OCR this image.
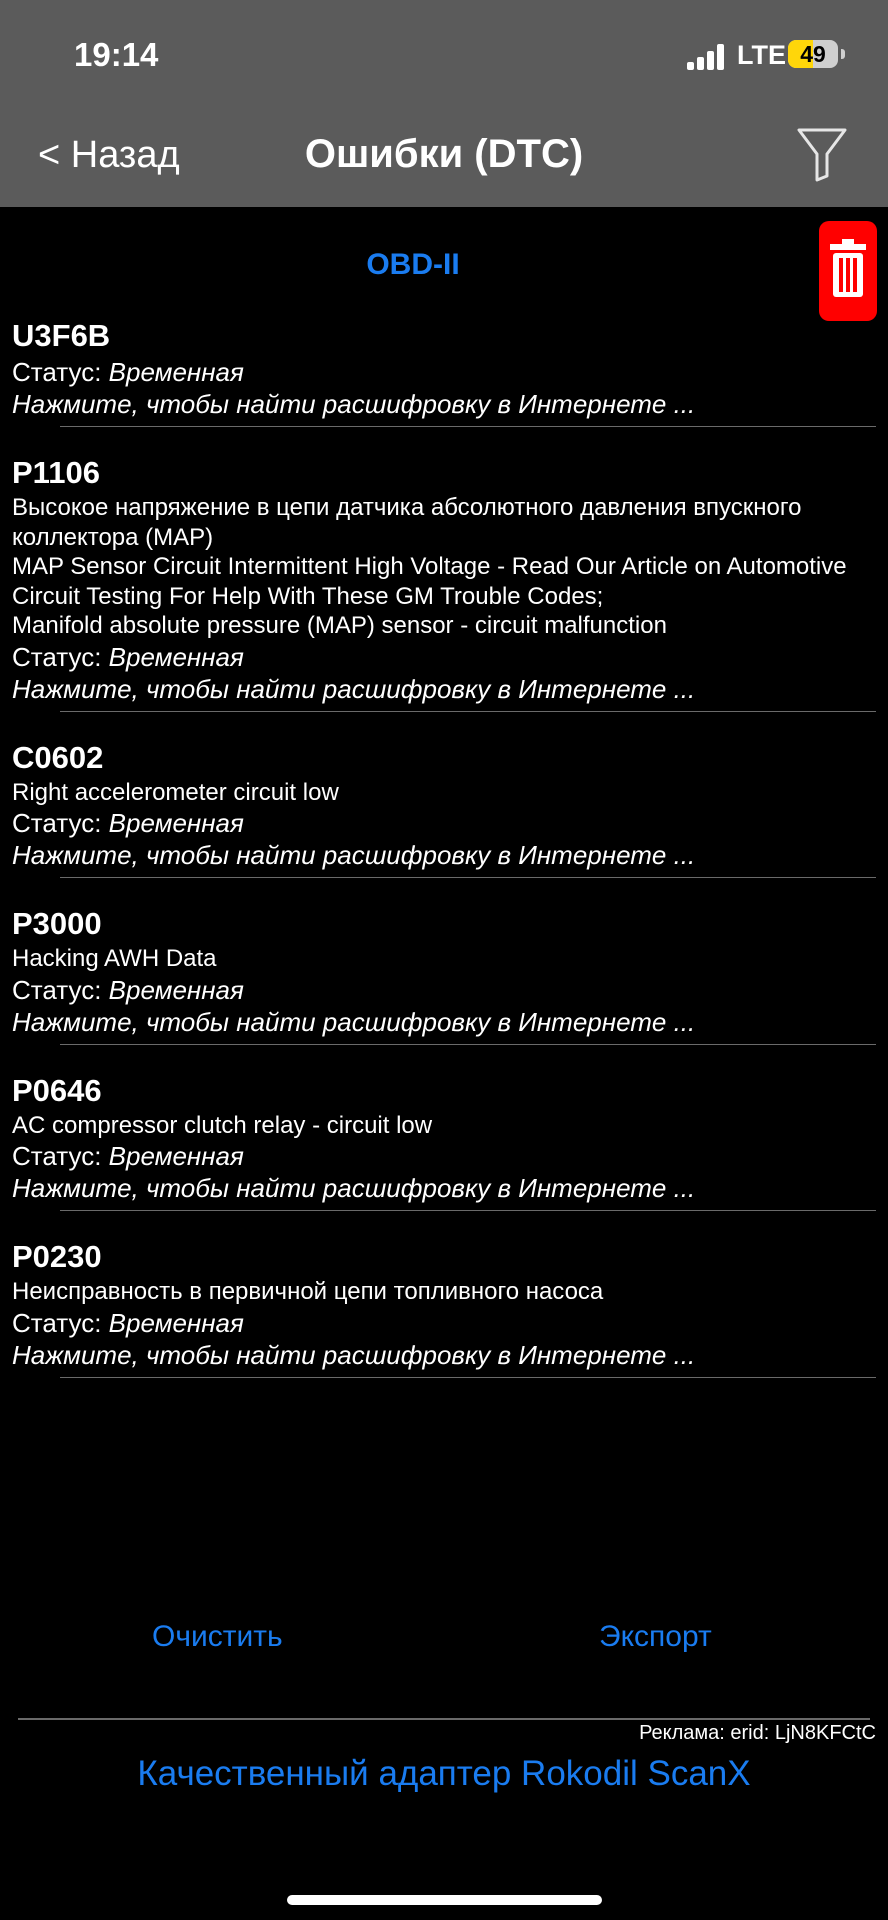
19:14	LTE 49
< Назад	Ошибки (DTC)
OBD-II
U3F6B
Статус: Временная
Нажмите, чтобы найти расшифровку в Интернете ...
P1106
Высокое напряжение в цепи датчика абсолютного давления впускного коллектора (MAP)
MAP Sensor Circuit Intermittent High Voltage - Read Our Article on Automotive Circuit Testing For Help With These GM Trouble Codes;
Manifold absolute pressure (MAP) sensor - circuit malfunction
Статус: Временная
Нажмите, чтобы найти расшифровку в Интернете ...
C0602
Right accelerometer circuit low
Статус: Временная
Нажмите, чтобы найти расшифровку в Интернете ...
P3000
Hacking AWH Data
Статус: Временная
Нажмите, чтобы найти расшифровку в Интернете ...
P0646
AC compressor clutch relay - circuit low
Статус: Временная
Нажмите, чтобы найти расшифровку в Интернете ...
P0230
Неисправность в первичной цепи топливного насоса
Статус: Временная
Нажмите, чтобы найти расшифровку в Интернете ...
Очистить	Экспорт
Реклама: erid: LjN8KFCtC
Качественный адаптер Rokodil ScanX
